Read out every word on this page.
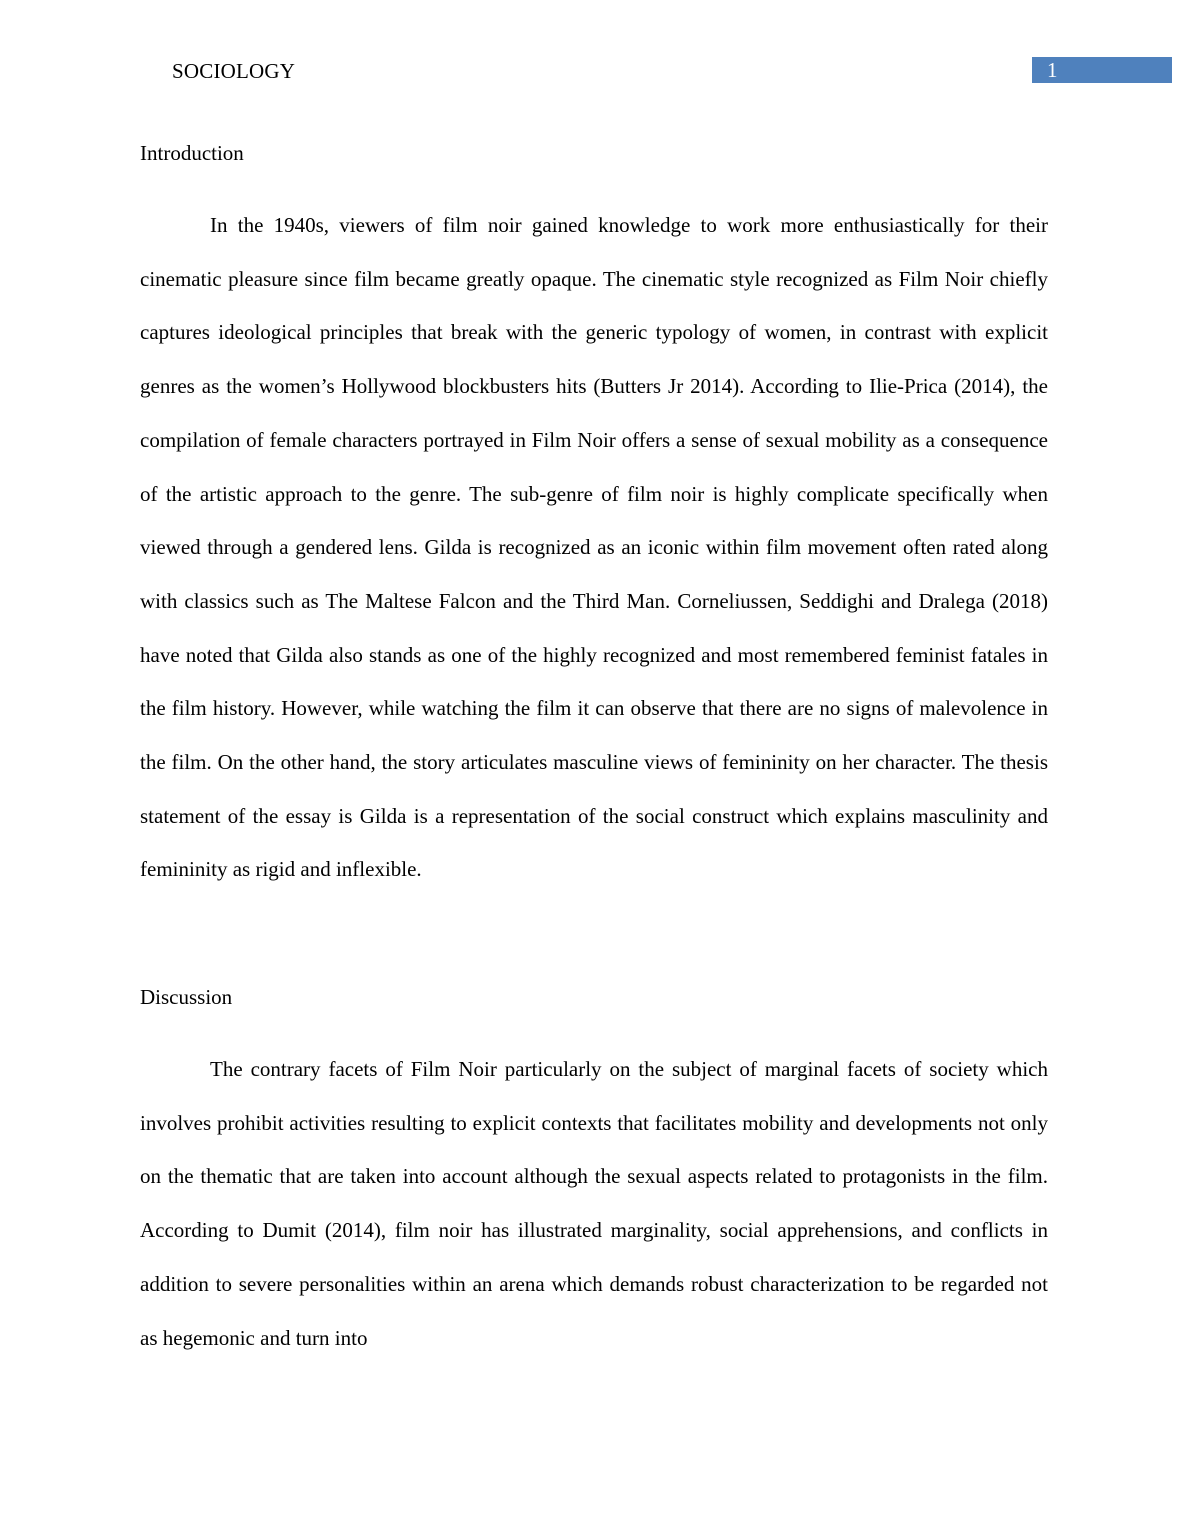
SOCIOLOGY	1
Introduction

In the 1940s, viewers of film noir gained knowledge to work more enthusiastically for their cinematic pleasure since film became greatly opaque. The cinematic style recognized as Film Noir chiefly captures ideological principles that break with the generic typology of women, in contrast with explicit genres as the women’s Hollywood blockbusters hits (Butters Jr 2014). According to Ilie-Prica (2014), the compilation of female characters portrayed in Film Noir offers a sense of sexual mobility as a consequence of the artistic approach to the genre. The sub-genre of film noir is highly complicate specifically when viewed through a gendered lens. Gilda is recognized as an iconic within film movement often rated along with classics such as The Maltese Falcon and the Third Man. Corneliussen, Seddighi and Dralega (2018) have noted that Gilda also stands as one of the highly recognized and most remembered feminist fatales in the film history. However, while watching the film it can observe that there are no signs of malevolence in the film. On the other hand, the story articulates masculine views of femininity on her character. The thesis statement of the essay is Gilda is a representation of the social construct which explains masculinity and femininity as rigid and inflexible.

Discussion

The contrary facets of Film Noir particularly on the subject of marginal facets of society which involves prohibit activities resulting to explicit contexts that facilitates mobility and developments not only on the thematic that are taken into account although the sexual aspects related to protagonists in the film. According to Dumit (2014), film noir has illustrated marginality, social apprehensions, and conflicts in addition to severe personalities within an arena which demands robust characterization to be regarded not as hegemonic and turn into
